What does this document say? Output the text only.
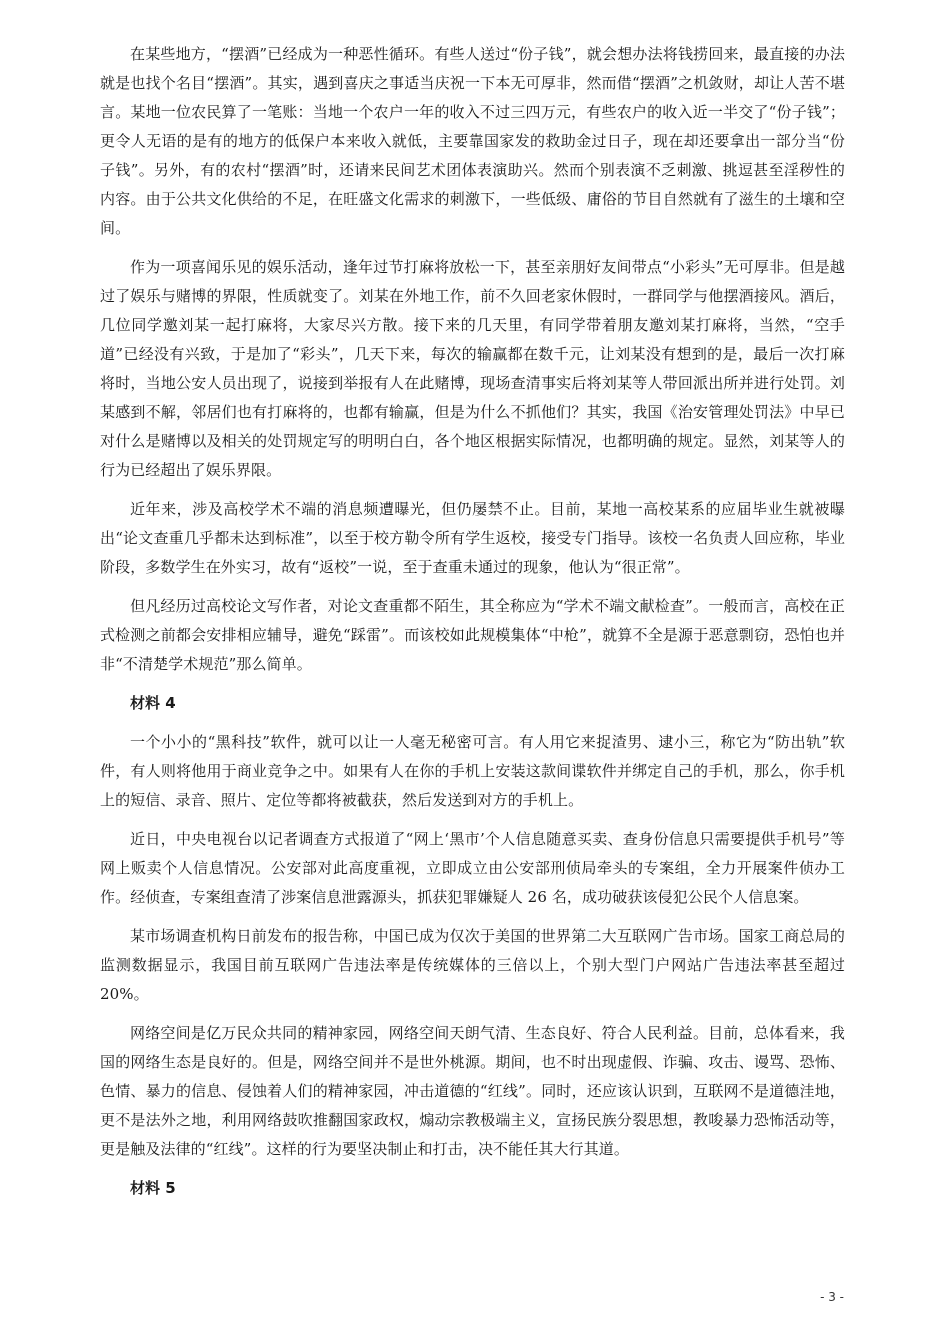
在某些地方，“摆酒”已经成为一种恶性循环。有些人送过“份子钱”，就会想办法将钱捞回来，最直接的办法就是也找个名目“摆酒”。其实，遇到喜庆之事适当庆祝一下本无可厚非，然而借“摆酒”之机敛财，却让人苦不堪言。某地一位农民算了一笔账：当地一个农户一年的收入不过三四万元，有些农户的收入近一半交了“份子钱”；更令人无语的是有的地方的低保户本来收入就低，主要靠国家发的救助金过日子，现在却还要拿出一部分当“份子钱”。另外，有的农村“摆酒”时，还请来民间艺术团体表演助兴。然而个别表演不乏刺激、挑逗甚至淫秽性的内容。由于公共文化供给的不足，在旺盛文化需求的刺激下，一些低级、庸俗的节目自然就有了滋生的土壤和空间。

作为一项喜闻乐见的娱乐活动，逢年过节打麻将放松一下，甚至亲朋好友间带点“小彩头”无可厚非。但是越过了娱乐与赌博的界限，性质就变了。刘某在外地工作，前不久回老家休假时，一群同学与他摆酒接风。酒后，几位同学邀刘某一起打麻将，大家尽兴方散。接下来的几天里，有同学带着朋友邀刘某打麻将，当然，“空手道”已经没有兴致，于是加了“彩头”，几天下来，每次的输赢都在数千元，让刘某没有想到的是，最后一次打麻将时，当地公安人员出现了，说接到举报有人在此赌博，现场查清事实后将刘某等人带回派出所并进行处罚。刘某感到不解，邻居们也有打麻将的，也都有输赢，但是为什么不抓他们？其实，我国《治安管理处罚法》中早已对什么是赌博以及相关的处罚规定写的明明白白，各个地区根据实际情况，也都明确的规定。显然，刘某等人的行为已经超出了娱乐界限。

近年来，涉及高校学术不端的消息频遭曝光，但仍屡禁不止。目前，某地一高校某系的应届毕业生就被曝出“论文查重几乎都未达到标准”，以至于校方勒令所有学生返校，接受专门指导。该校一名负责人回应称，毕业阶段，多数学生在外实习，故有“返校”一说，至于查重未通过的现象，他认为“很正常”。

但凡经历过高校论文写作者，对论文查重都不陌生，其全称应为“学术不端文献检查”。一般而言，高校在正式检测之前都会安排相应辅导，避免“踩雷”。而该校如此规模集体“中枪”，就算不全是源于恶意剽窃，恐怕也并非“不清楚学术规范”那么简单。

材料 4

一个小小的“黑科技”软件，就可以让一人毫无秘密可言。有人用它来捉渣男、逮小三，称它为“防出轨”软件，有人则将他用于商业竞争之中。如果有人在你的手机上安装这款间谍软件并绑定自己的手机，那么，你手机上的短信、录音、照片、定位等都将被截获，然后发送到对方的手机上。

近日，中央电视台以记者调查方式报道了“网上‘黑市’个人信息随意买卖、查身份信息只需要提供手机号”等网上贩卖个人信息情况。公安部对此高度重视，立即成立由公安部刑侦局牵头的专案组，全力开展案件侦办工作。经侦查，专案组查清了涉案信息泄露源头，抓获犯罪嫌疑人 26 名，成功破获该侵犯公民个人信息案。

某市场调查机构日前发布的报告称，中国已成为仅次于美国的世界第二大互联网广告市场。国家工商总局的监测数据显示，我国目前互联网广告违法率是传统媒体的三倍以上，个别大型门户网站广告违法率甚至超过 20%。

网络空间是亿万民众共同的精神家园，网络空间天朗气清、生态良好、符合人民利益。目前，总体看来，我国的网络生态是良好的。但是，网络空间并不是世外桃源。期间，也不时出现虚假、诈骗、攻击、谩骂、恐怖、色情、暴力的信息、侵蚀着人们的精神家园，冲击道德的“红线”。同时，还应该认识到，互联网不是道德洼地，更不是法外之地，利用网络鼓吹推翻国家政权，煽动宗教极端主义，宣扬民族分裂思想，教唆暴力恐怖活动等，更是触及法律的“红线”。这样的行为要坚决制止和打击，决不能任其大行其道。

材料 5
- 3 -
